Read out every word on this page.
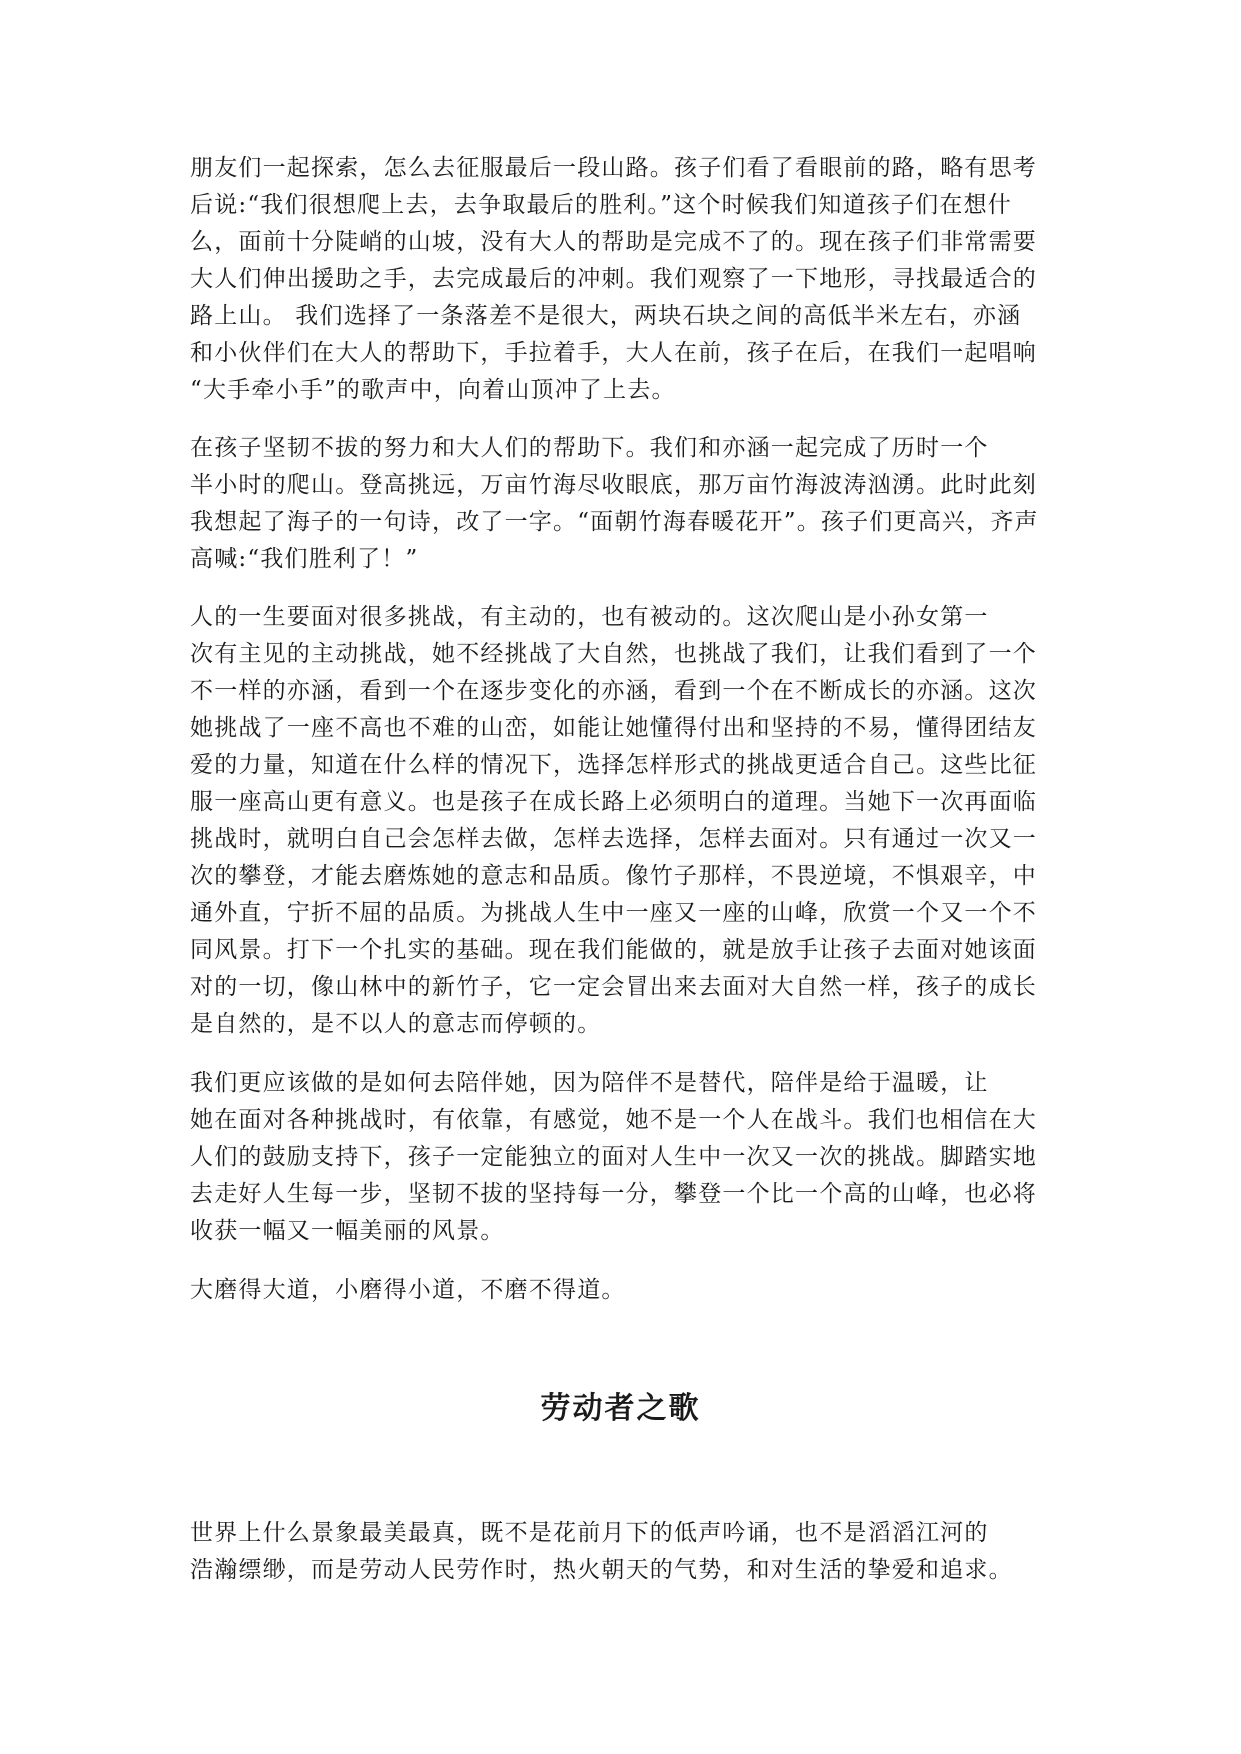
朋友们一起探索，怎么去征服最后一段山路。孩子们看了看眼前的路，略有思考
后说:“我们很想爬上去，去争取最后的胜利。”这个时候我们知道孩子们在想什
么，面前十分陡峭的山坡，没有大人的帮助是完成不了的。现在孩子们非常需要
大人们伸出援助之手，去完成最后的冲刺。我们观察了一下地形，寻找最适合的
路上山。 我们选择了一条落差不是很大，两块石块之间的高低半米左右，亦涵
和小伙伴们在大人的帮助下，手拉着手，大人在前，孩子在后，在我们一起唱响
“大手牵小手”的歌声中，向着山顶冲了上去。
在孩子坚韧不拔的努力和大人们的帮助下。我们和亦涵一起完成了历时一个
半小时的爬山。登高挑远，万亩竹海尽收眼底，那万亩竹海波涛汹湧。此时此刻
我想起了海子的一句诗，改了一字。“面朝竹海春暖花开”。孩子们更高兴，齐声
高喊:“我们胜利了！”
人的一生要面对很多挑战，有主动的，也有被动的。这次爬山是小孙女第一
次有主见的主动挑战，她不经挑战了大自然，也挑战了我们，让我们看到了一个
不一样的亦涵，看到一个在逐步变化的亦涵，看到一个在不断成长的亦涵。这次
她挑战了一座不高也不难的山峦，如能让她懂得付出和坚持的不易，懂得团结友
爱的力量，知道在什么样的情况下，选择怎样形式的挑战更适合自己。这些比征
服一座高山更有意义。也是孩子在成长路上必须明白的道理。当她下一次再面临
挑战时，就明白自己会怎样去做，怎样去选择，怎样去面对。只有通过一次又一
次的攀登，才能去磨炼她的意志和品质。像竹子那样，不畏逆境，不惧艰辛，中
通外直，宁折不屈的品质。为挑战人生中一座又一座的山峰，欣赏一个又一个不
同风景。打下一个扎实的基础。现在我们能做的，就是放手让孩子去面对她该面
对的一切，像山林中的新竹子，它一定会冒出来去面对大自然一样，孩子的成长
是自然的，是不以人的意志而停顿的。
我们更应该做的是如何去陪伴她，因为陪伴不是替代，陪伴是给于温暖，让
她在面对各种挑战时，有依靠，有感觉，她不是一个人在战斗。我们也相信在大
人们的鼓励支持下，孩子一定能独立的面对人生中一次又一次的挑战。脚踏实地
去走好人生每一步，坚韧不拔的坚持每一分，攀登一个比一个高的山峰，也必将
收获一幅又一幅美丽的风景。
大磨得大道，小磨得小道，不磨不得道。
劳动者之歌
世界上什么景象最美最真，既不是花前月下的低声吟诵，也不是滔滔江河的
浩瀚缥缈，而是劳动人民劳作时，热火朝天的气势，和对生活的挚爱和追求。
